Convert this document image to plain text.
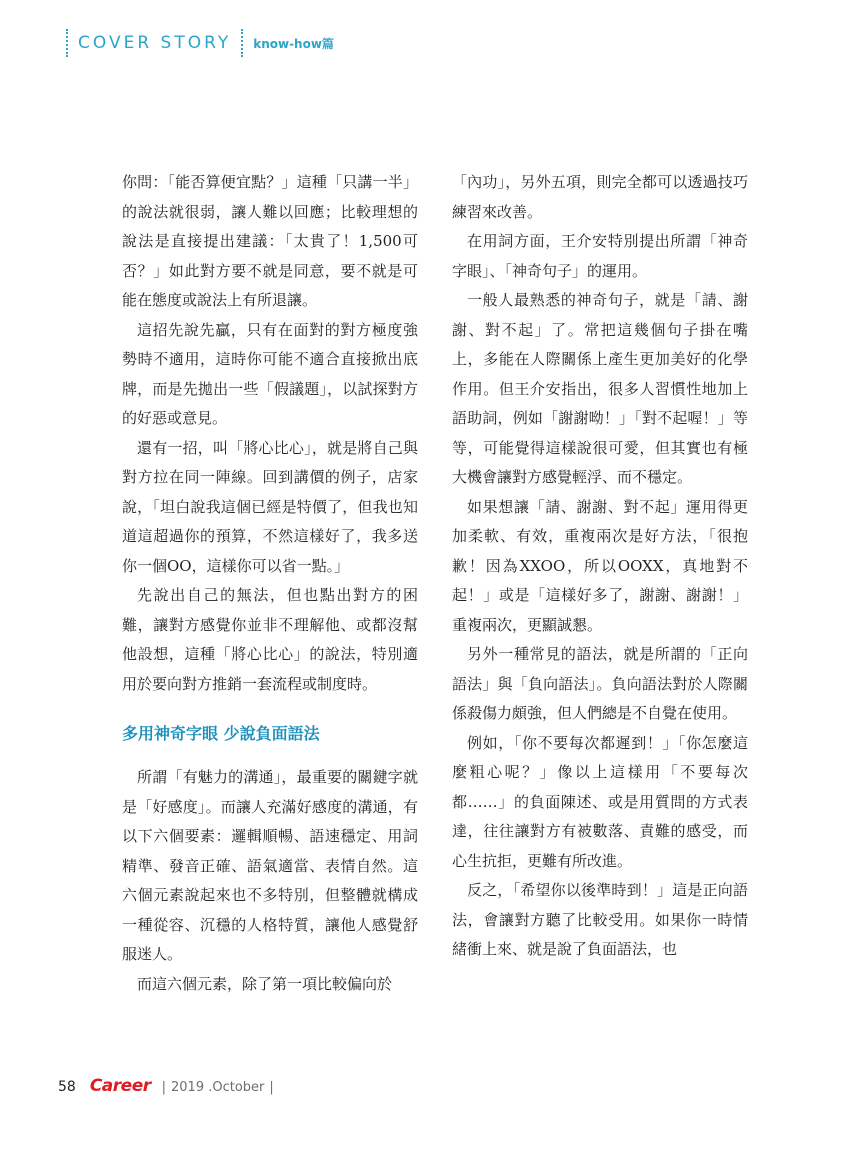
COVER STORY know-how篇

你問：「能否算便宜點？」這種「只講一半」的說法就很弱，讓人難以回應；比較理想的說法是直接提出建議：「太貴了！1,500可否？」如此對方要不就是同意，要不就是可能在態度或說法上有所退讓。

這招先說先贏，只有在面對的對方極度強勢時不適用，這時你可能不適合直接掀出底牌，而是先拋出一些「假議題」，以試探對方的好惡或意見。

還有一招，叫「將心比心」，就是將自己與對方拉在同一陣線。回到講價的例子，店家說，「坦白說我這個已經是特價了，但我也知道這超過你的預算，不然這樣好了，我多送你一個OO，這樣你可以省一點。」

先說出自己的無法，但也點出對方的困難，讓對方感覺你並非不理解他、或都沒幫他設想，這種「將心比心」的說法，特別適用於要向對方推銷一套流程或制度時。

多用神奇字眼 少說負面語法

所謂「有魅力的溝通」，最重要的關鍵字就是「好感度」。而讓人充滿好感度的溝通，有以下六個要素：邏輯順暢、語速穩定、用詞精準、發音正確、語氣適當、表情自然。這六個元素說起來也不多特別，但整體就構成一種從容、沉穩的人格特質，讓他人感覺舒服迷人。

而這六個元素，除了第一項比較偏向於

「內功」，另外五項，則完全都可以透過技巧練習來改善。

在用詞方面，王介安特別提出所謂「神奇字眼」、「神奇句子」的運用。

一般人最熟悉的神奇句子，就是「請、謝謝、對不起」了。常把這幾個句子掛在嘴上，多能在人際關係上產生更加美好的化學作用。但王介安指出，很多人習慣性地加上語助詞，例如「謝謝呦！」「對不起喔！」等等，可能覺得這樣說很可愛，但其實也有極大機會讓對方感覺輕浮、而不穩定。

如果想讓「請、謝謝、對不起」運用得更加柔軟、有效，重複兩次是好方法，「很抱歉！因為XXOO，所以OOXX，真地對不起！」或是「這樣好多了，謝謝、謝謝！」重複兩次，更顯誠懇。

另外一種常見的語法，就是所謂的「正向語法」與「負向語法」。負向語法對於人際關係殺傷力頗強，但人們總是不自覺在使用。

例如，「你不要每次都遲到！」「你怎麼這麼粗心呢？」像以上這樣用「不要每次都……」的負面陳述、或是用質問的方式表達，往往讓對方有被數落、責難的感受，而心生抗拒，更難有所改進。

反之，「希望你以後準時到！」這是正向語法，會讓對方聽了比較受用。如果你一時情緒衝上來、就是說了負面語法，也

58 Career | 2019 .October |
